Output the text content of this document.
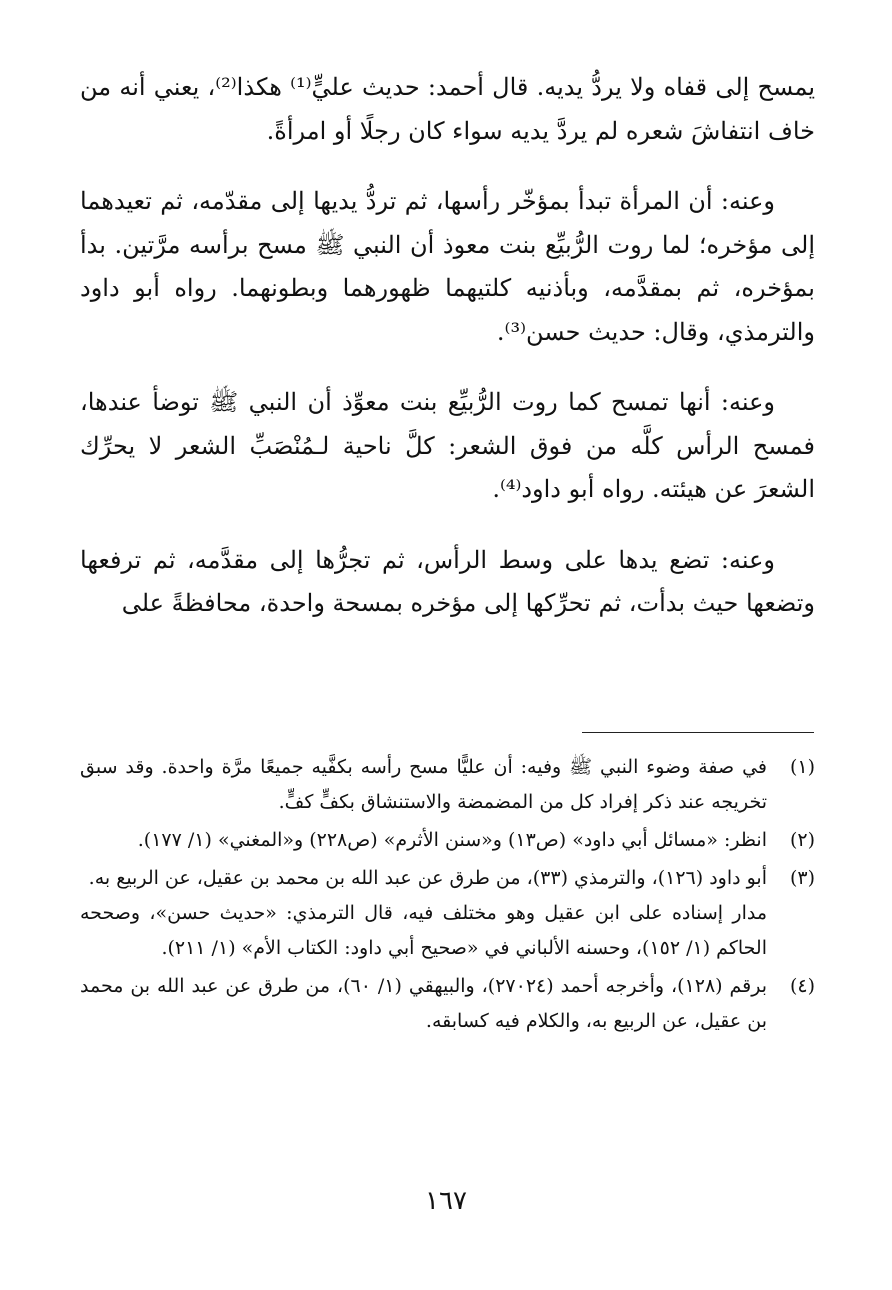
يمسح إلى قفاه ولا يردُّ يديه. قال أحمد: حديث عليٍّ⁽¹⁾ هكذا⁽²⁾، يعني أنه من خاف انتفاشَ شعره لم يردَّ يديه سواء كان رجلًا أو امرأةً.

وعنه: أن المرأة تبدأ بمؤخّر رأسها، ثم تردُّ يديها إلى مقدّمه، ثم تعيدهما إلى مؤخره؛ لما روت الرُّبيِّع بنت معوذ أن النبي ﷺ مسح برأسه مرَّتين. بدأ بمؤخره، ثم بمقدَّمه، وبأذنيه كلتيهما ظهورهما وبطونهما. رواه أبو داود والترمذي، وقال: حديث حسن⁽³⁾.

وعنه: أنها تمسح كما روت الرُّبيِّع بنت معوِّذ أن النبي ﷺ توضأ عندها، فمسح الرأس كلَّه من فوق الشعر: كلَّ ناحية لـمُنْصَبِّ الشعر لا يحرِّك الشعرَ عن هيئته. رواه أبو داود⁽⁴⁾.

وعنه: تضع يدها على وسط الرأس، ثم تجرُّها إلى مقدَّمه، ثم ترفعها وتضعها حيث بدأت، ثم تحرِّكها إلى مؤخره بمسحة واحدة، محافظةً على

(١)

في صفة وضوء النبي ﷺ وفيه: أن عليًّا مسح رأسه بكفَّيه جميعًا مرَّة واحدة. وقد سبق تخريجه عند ذكر إفراد كل من المضمضة والاستنشاق بكفٍّ كفٍّ.

(٢)

انظر: «مسائل أبي داود» (ص١٣) و«سنن الأثرم» (ص٢٢٨) و«المغني» (١/ ١٧٧).

(٣)

أبو داود (١٢٦)، والترمذي (٣٣)، من طرق عن عبد الله بن محمد بن عقيل، عن الربيع به.

مدار إسناده على ابن عقيل وهو مختلف فيه، قال الترمذي: «حديث حسن»، وصححه الحاكم (١/ ١٥٢)، وحسنه الألباني في «صحيح أبي داود: الكتاب الأم» (١/ ٢١١).

(٤)

برقم (١٢٨)، وأخرجه أحمد (٢٧٠٢٤)، والبيهقي (١/ ٦٠)، من طرق عن عبد الله بن محمد بن عقيل، عن الربيع به، والكلام فيه كسابقه.

١٦٧
